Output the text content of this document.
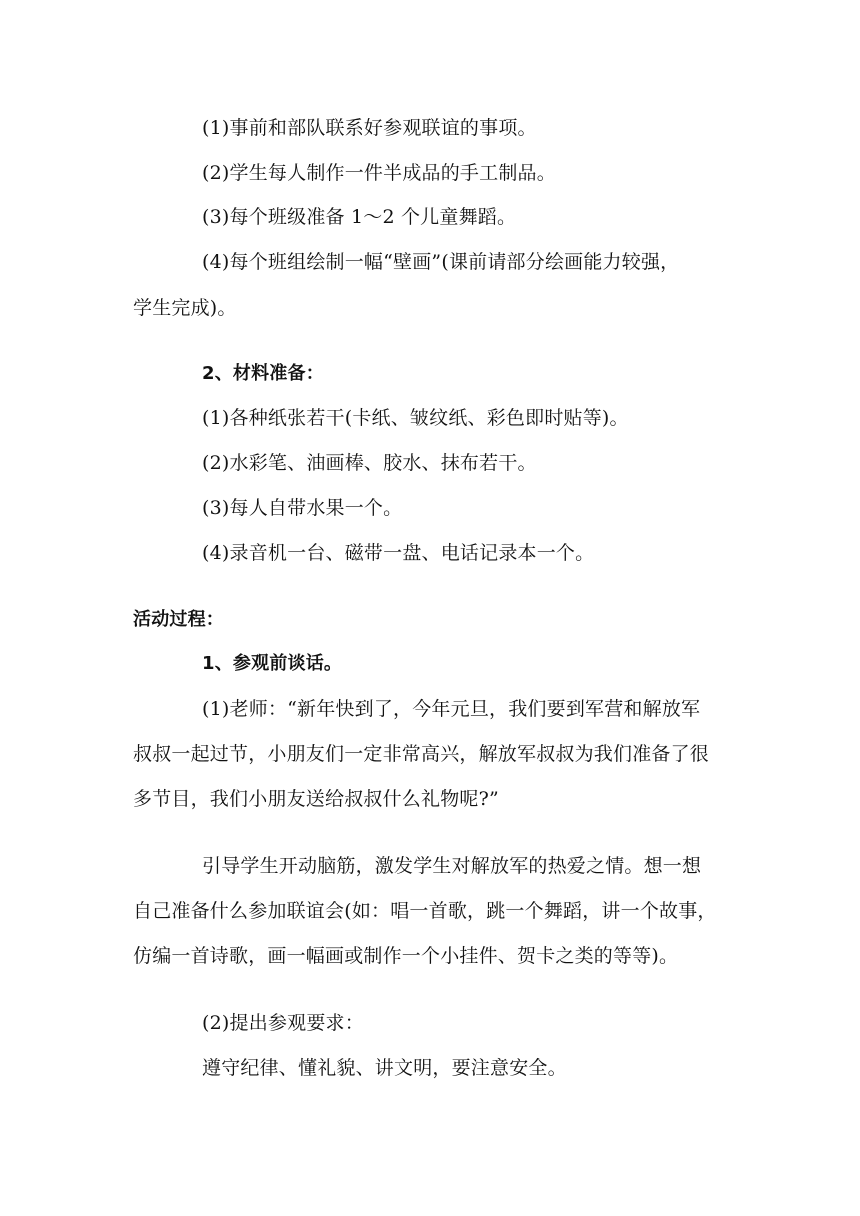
(1)事前和部队联系好参观联谊的事项。
(2)学生每人制作一件半成品的手工制品。
(3)每个班级准备 1～2 个儿童舞蹈。
(4)每个班组绘制一幅“壁画”(课前请部分绘画能力较强，
学生完成)。
2、材料准备：
(1)各种纸张若干(卡纸、皱纹纸、彩色即时贴等)。
(2)水彩笔、油画棒、胶水、抹布若干。
(3)每人自带水果一个。
(4)录音机一台、磁带一盘、电话记录本一个。
活动过程：
1、参观前谈话。
(1)老师：“新年快到了，今年元旦，我们要到军营和解放军
叔叔一起过节，小朋友们一定非常高兴，解放军叔叔为我们准备了很
多节目，我们小朋友送给叔叔什么礼物呢?”
引导学生开动脑筋，激发学生对解放军的热爱之情。想一想
自己准备什么参加联谊会(如：唱一首歌，跳一个舞蹈，讲一个故事，
仿编一首诗歌，画一幅画或制作一个小挂件、贺卡之类的等等)。
(2)提出参观要求：
遵守纪律、懂礼貌、讲文明，要注意安全。
